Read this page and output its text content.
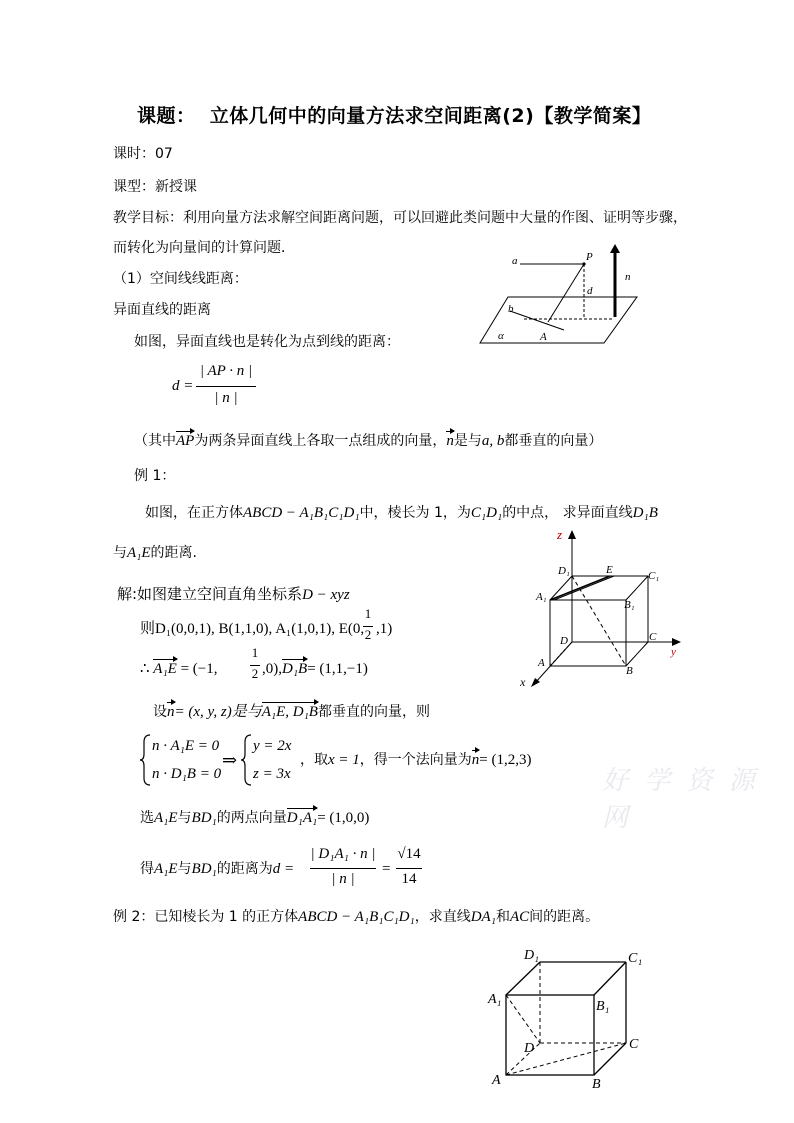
课题： 立体几何中的向量方法求空间距离(2)【教学简案】
课时：07
课型：新授课
教学目标：利用向量方法求解空间距离问题，可以回避此类问题中大量的作图、证明等步骤，
而转化为向量间的计算问题．
（1）空间线线距离：
异面直线的距离
如图，异面直线也是转化为点到线的距离：
d =
| AP · n |
| n |
（其中AP为两条异面直线上各取一点组成的向量，n是与a, b都垂直的向量）
a
b
P
d
n
α	A
例 1：
如图，在正方体ABCD − A₁B₁C₁D₁中，棱长为 1，为C₁D₁的中点， 求异面直线D₁B
与A₁E的距离.
解:如图建立空间直角坐标系D − xyz
则D₁(0,0,1), B(1,1,0), A₁(1,0,1), E(0,
1
2 ,1)
∴ A₁E = (−1,
1
2 ,0),D₁B= (1,1,−1)
设n= (x, y, z)是与A₁E, D₁B都垂直的向量，则
n · A₁E = 0
n · D₁B = 0
⇒
y = 2x
z = 3x
，取x = 1，得一个法向量为n= (1,2,3)
选A₁E与BD₁的两点向量D₁A₁= (1,0,0)
得A₁E与BD₁的距离为d =
| D₁A₁ · n |
| n |
=
√14
14
z
D₁	E	C₁
A₁
B₁
D	C
y
A
B
x
好 学 资 源 网
例 2：已知棱长为 1 的正方体ABCD − A₁B₁C₁D₁，求直线DA₁和AC间的距离。
D₁	C₁
A₁	B₁
D	C
A	B
